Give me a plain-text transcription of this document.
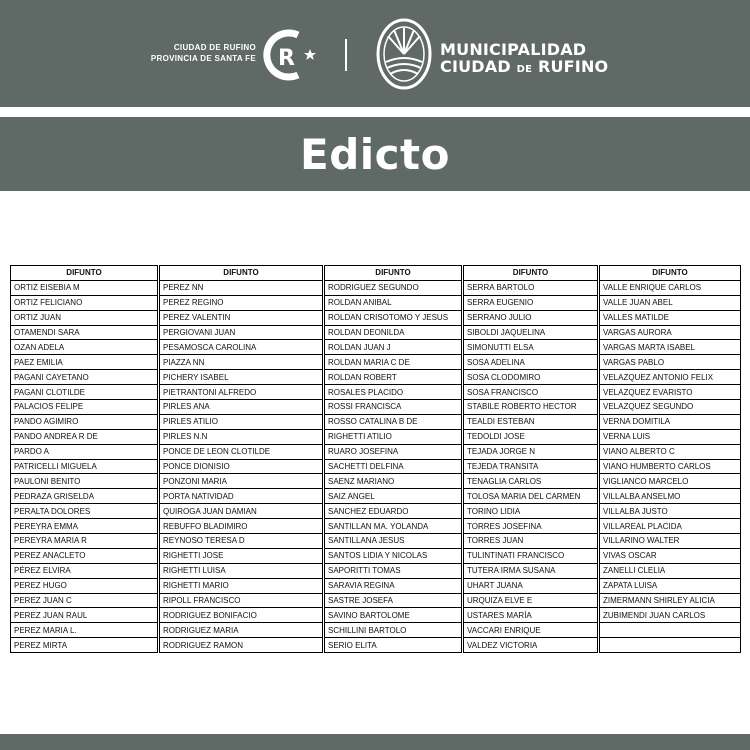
CIUDAD DE RUFINO
PROVINCIA DE SANTA FE R	MUNICIPALIDAD
CIUDAD DE RUFINO
Edicto
DIFUNTO		DIFUNTO		DIFUNTO		DIFUNTO		DIFUNTO
ORTIZ EISEBIA M		PEREZ NN		RODRIGUEZ SEGUNDO		SERRA BARTOLO		VALLE ENRIQUE CARLOS
ORTIZ FELICIANO		PEREZ REGINO		ROLDAN ANIBAL		SERRA EUGENIO		VALLE JUAN ABEL
ORTIZ JUAN		PEREZ VALENTIN		ROLDAN CRISOTOMO Y JESUS		SERRANO JULIO		VALLES MATILDE
OTAMENDI SARA		PERGIOVANI JUAN		ROLDAN DEONILDA		SIBOLDI JAQUELINA		VARGAS AURORA
OZAN ADELA		PESAMOSCA CAROLINA		ROLDAN JUAN J		SIMONUTTI ELSA		VARGAS MARTA ISABEL
PAEZ EMILIA		PIAZZA NN		ROLDAN MARIA C DE		SOSA ADELINA		VARGAS PABLO
PAGANI CAYETANO		PICHERY ISABEL		ROLDAN ROBERT		SOSA CLODOMIRO		VELAZQUEZ ANTONIO FELIX
PAGANI CLOTILDE		PIETRANTONI ALFREDO		ROSALES PLACIDO		SOSA FRANCISCO		VELAZQUEZ EVARISTO
PALACIOS FELIPE		PIRLES ANA		ROSSI FRANCISCA		STABILE ROBERTO HECTOR		VELAZQUEZ SEGUNDO
PANDO AGIMIRO		PIRLES ATILIO		ROSSO CATALINA B DE		TEALDI ESTEBAN		VERNA DOMITILA
PANDO ANDREA R DE		PIRLES N.N		RIGHETTI ATILIO		TEDOLDI JOSE		VERNA LUIS
PARDO A		PONCE DE LEON CLOTILDE		RUARO JOSEFINA		TEJADA JORGE N		VIANO ALBERTO C
PATRICELLI MIGUELA		PONCE DIONISIO		SACHETTI DELFINA		TEJEDA TRANSITA		VIANO HUMBERTO CARLOS
PAULONI BENITO		PONZONI MARIA		SAENZ MARIANO		TENAGLIA CARLOS		VIGLIANCO MARCELO
PEDRAZA GRISELDA		PORTA NATIVIDAD		SAIZ ANGEL		TOLOSA MARIA DEL CARMEN		VILLALBA ANSELMO
PERALTA DOLORES		QUIROGA JUAN DAMIAN		SANCHEZ EDUARDO		TORINO LIDIA		VILLALBA JUSTO
PEREYRA EMMA		REBUFFO BLADIMIRO		SANTILLAN MA. YOLANDA		TORRES JOSEFINA		VILLAREAL PLACIDA
PEREYRA MARIA R		REYNOSO TERESA D		SANTILLANA JESUS		TORRES JUAN		VILLARINO WALTER
PEREZ ANACLETO		RIGHETTI JOSE		SANTOS LIDIA Y NICOLAS		TULINTINATI FRANCISCO		VIVAS OSCAR
PÉREZ ELVIRA		RIGHETTI LUISA		SAPORITTI TOMAS		TUTERA IRMA SUSANA		ZANELLI CLELIA
PEREZ HUGO		RIGHETTI MARIO		SARAVIA REGINA		UHART JUANA		ZAPATA LUISA
PEREZ JUAN C		RIPOLL FRANCISCO		SASTRE JOSEFA		URQUIZA ELVE E		ZIMERMANN SHIRLEY ALICIA
PEREZ JUAN RAUL		RODRIGUEZ BONIFACIO		SAVINO BARTOLOME		USTARES MARÍA		ZUBIMENDI JUAN CARLOS
PEREZ MARIA L.		RODRIGUEZ MARIA		SCHILLINI BARTOLO		VACCARI ENRIQUE		
PEREZ MIRTA		RODRIGUEZ RAMON		SERIO ELITA		VALDEZ VICTORIA		
